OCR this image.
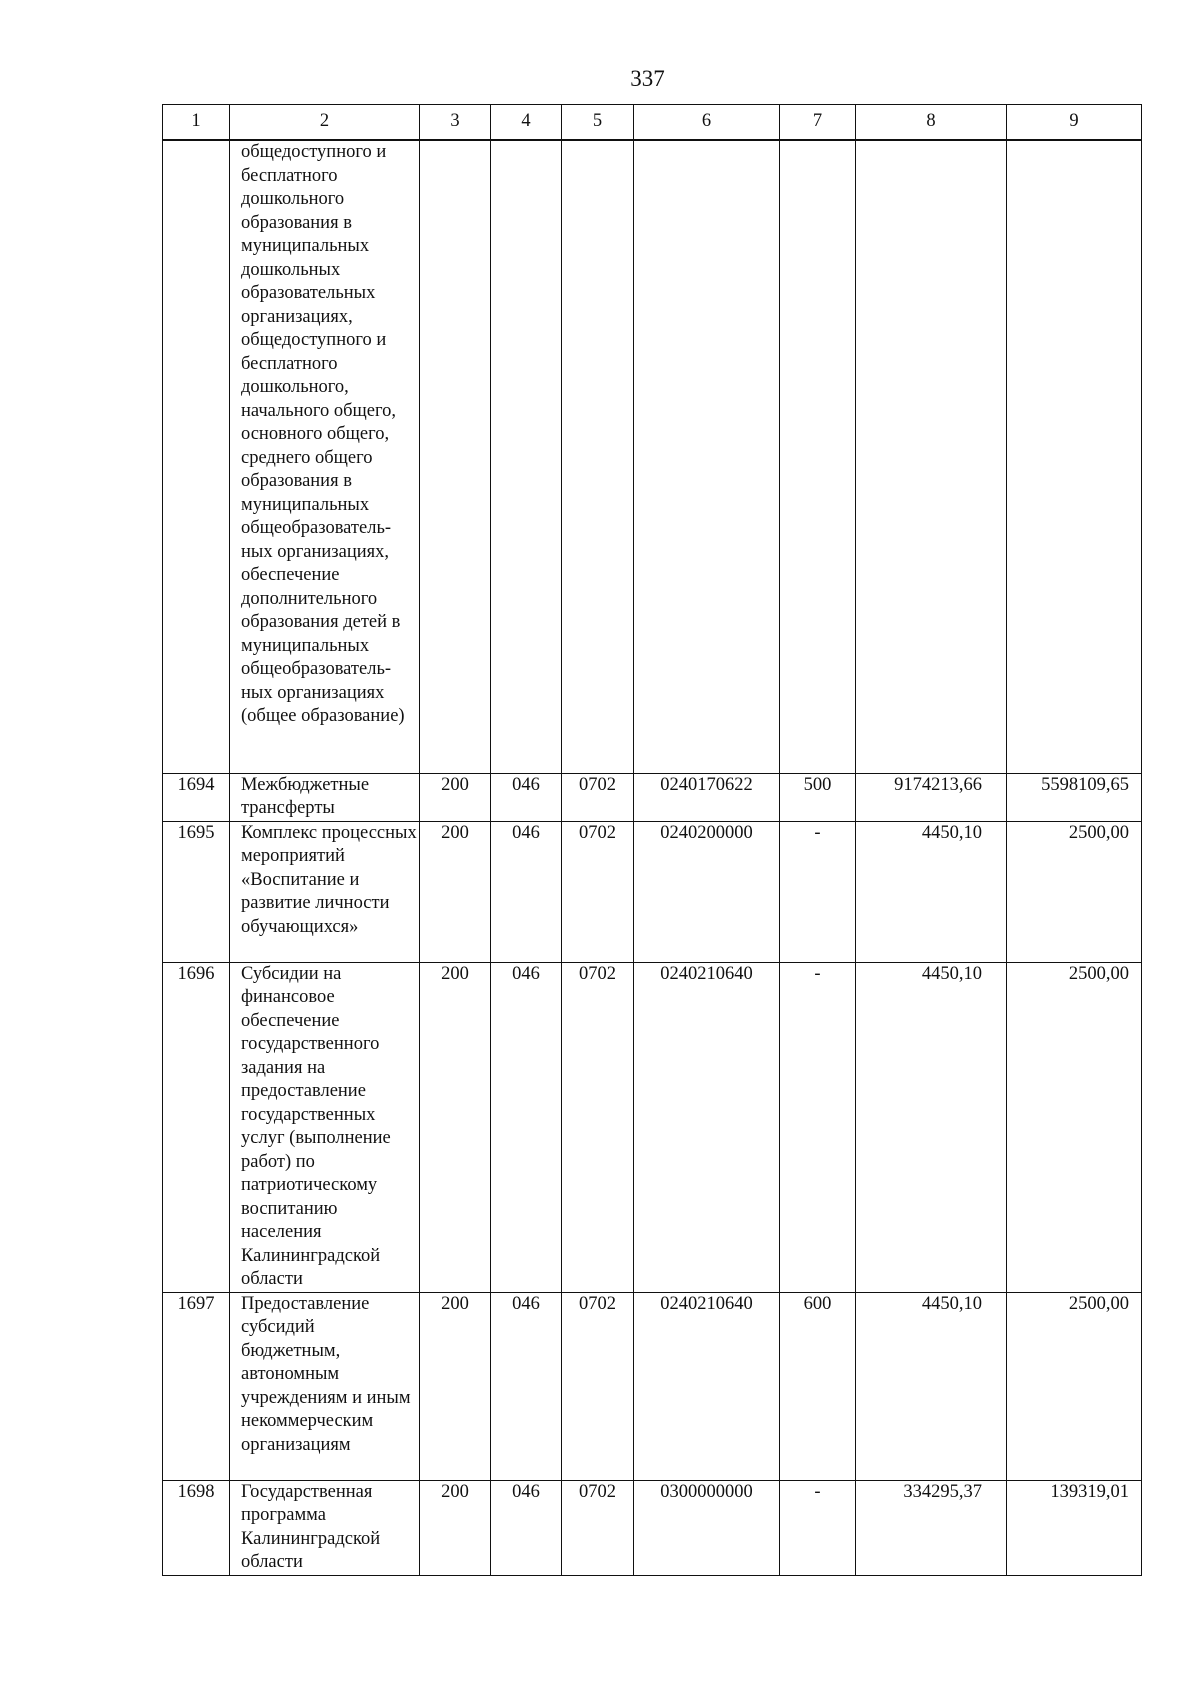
337
1	2	3	4	5	6	7	8	9
	общедоступного и бесплатного дошкольного образования в муниципальных дошкольных образовательных организациях, общедоступного и бесплатного дошкольного, начального общего, основного общего, среднего общего образования в муниципальных общеобразователь-ных организациях, обеспечение дополнительного образования детей в муниципальных общеобразователь-ных организациях (общее образование)							
1694	Межбюджетные трансферты	200	046	0702	0240170622	500	9174213,66	5598109,65
1695	Комплекс процессных мероприятий «Воспитание и развитие личности обучающихся»	200	046	0702	0240200000	-	4450,10	2500,00
1696	Субсидии на финансовое обеспечение государственного задания на предоставление государственных услуг (выполнение работ) по патриотическому воспитанию населения Калининградской области	200	046	0702	0240210640	-	4450,10	2500,00
1697	Предоставление субсидий бюджетным, автономным учреждениям и иным некоммерческим организациям	200	046	0702	0240210640	600	4450,10	2500,00
1698	Государственная программа Калининградской области	200	046	0702	0300000000	-	334295,37	139319,01
